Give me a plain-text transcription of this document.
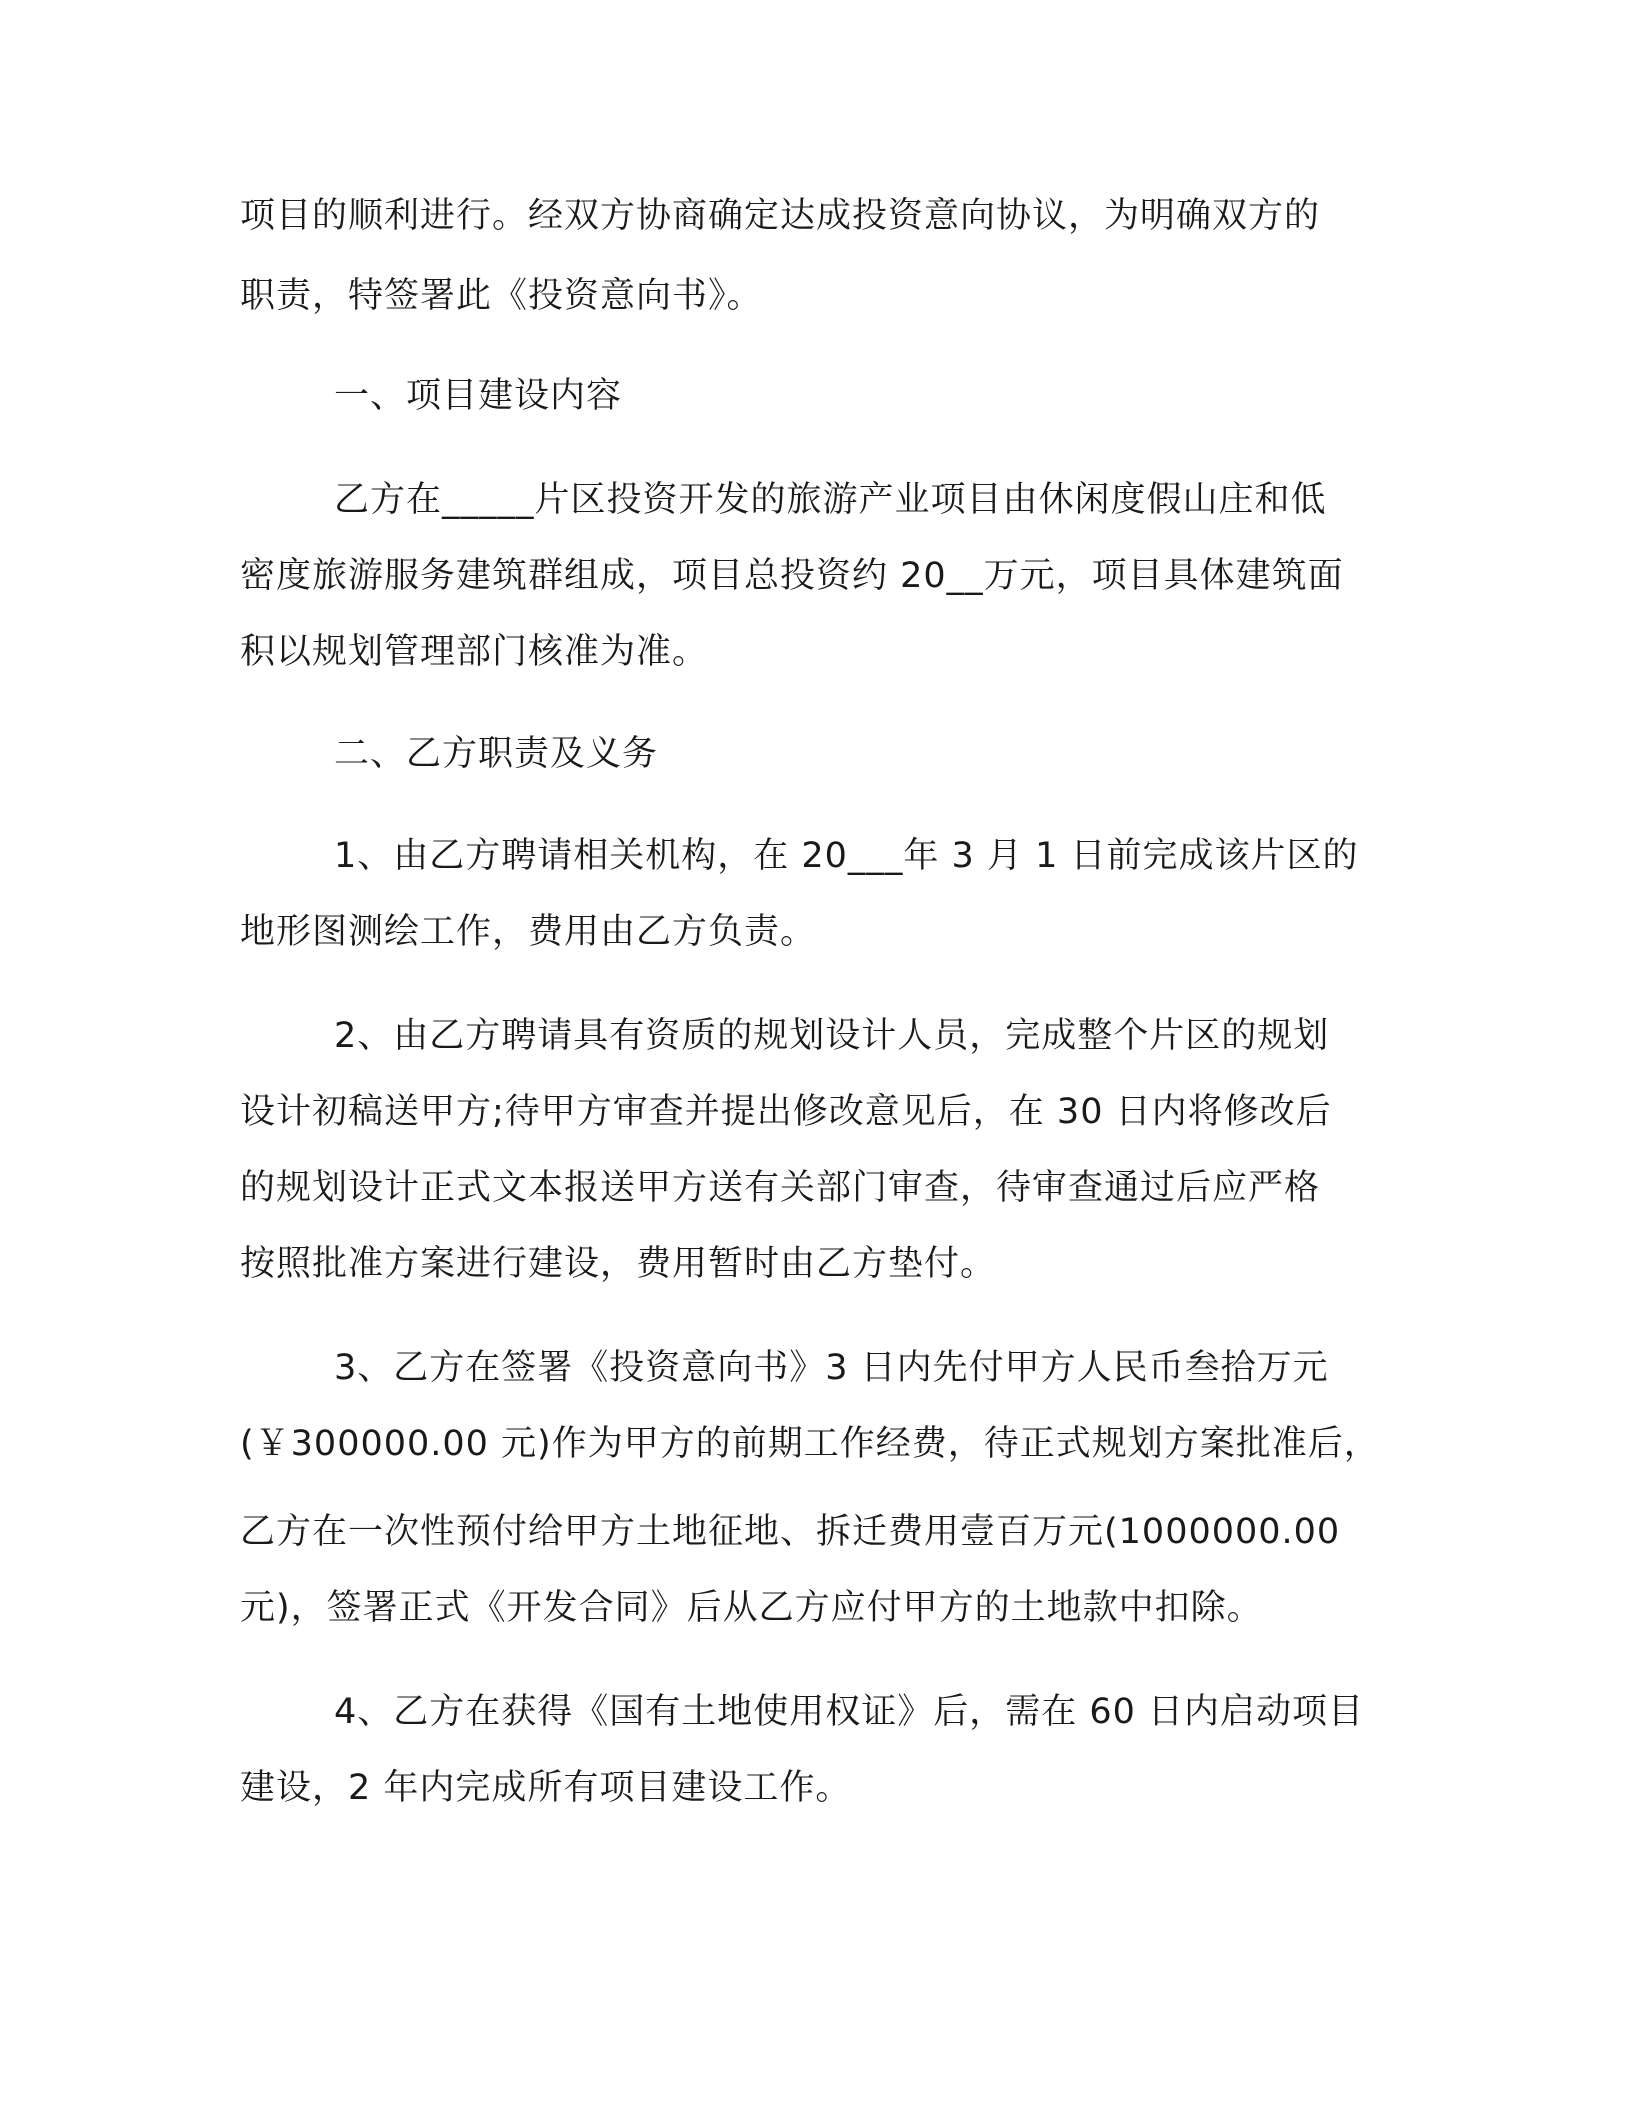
项目的顺利进行。经双方协商确定达成投资意向协议，为明确双方的
职责，特签署此《投资意向书》。
一、项目建设内容
乙方在_____片区投资开发的旅游产业项目由休闲度假山庄和低
密度旅游服务建筑群组成，项目总投资约 20__万元，项目具体建筑面
积以规划管理部门核准为准。
二、乙方职责及义务
1、由乙方聘请相关机构，在 20___年 3 月 1 日前完成该片区的
地形图测绘工作，费用由乙方负责。
2、由乙方聘请具有资质的规划设计人员，完成整个片区的规划
设计初稿送甲方;待甲方审查并提出修改意见后，在 30 日内将修改后
的规划设计正式文本报送甲方送有关部门审查，待审查通过后应严格
按照批准方案进行建设，费用暂时由乙方垫付。
3、乙方在签署《投资意向书》3 日内先付甲方人民币叁拾万元
(￥300000.00 元)作为甲方的前期工作经费，待正式规划方案批准后，
乙方在一次性预付给甲方土地征地、拆迁费用壹百万元(1000000.00
元)，签署正式《开发合同》后从乙方应付甲方的土地款中扣除。
4、乙方在获得《国有土地使用权证》后，需在 60 日内启动项目
建设，2 年内完成所有项目建设工作。
